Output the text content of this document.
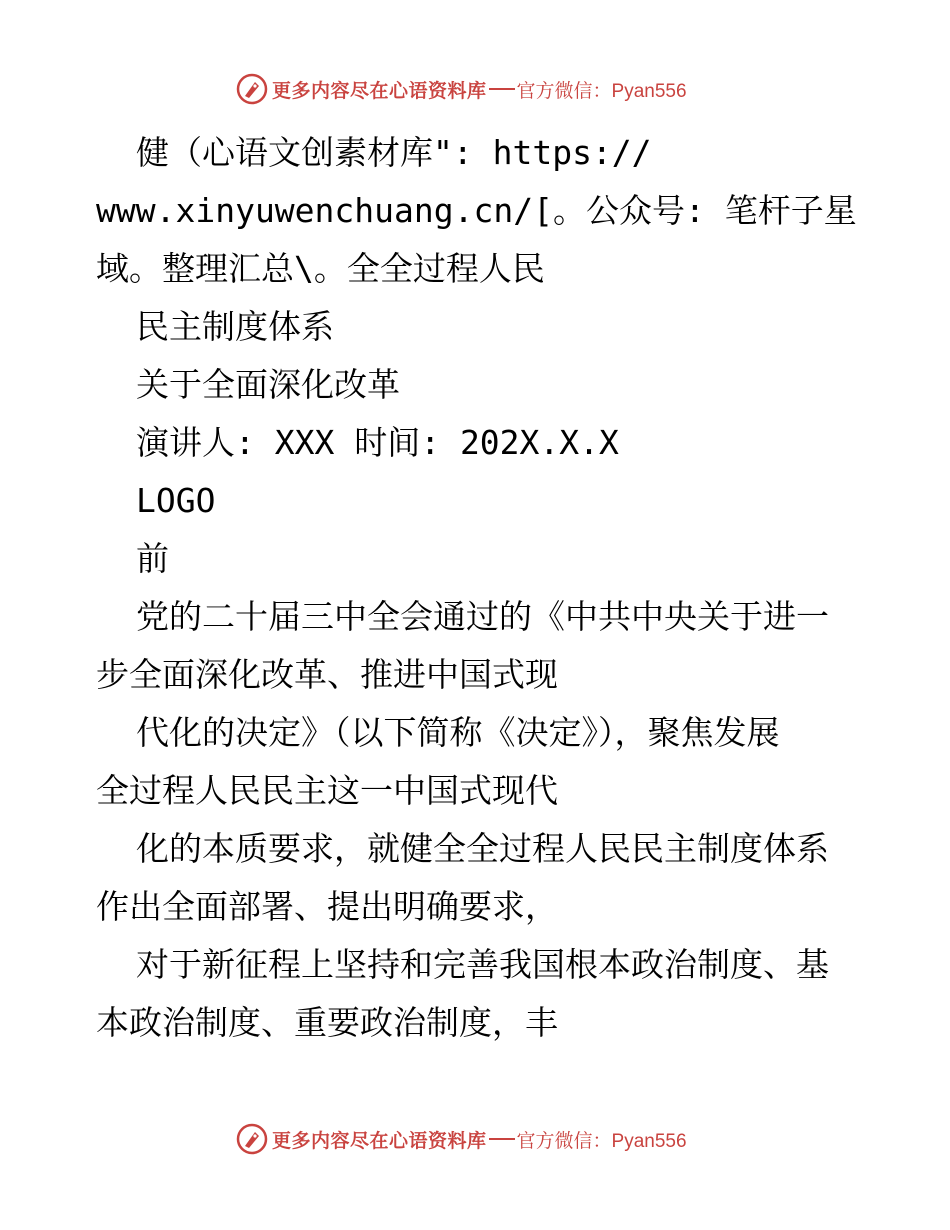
更多内容尽在心语资料库 官方微信：Pyan556
健（心语文创素材库": https://
www.xinyuwenchuang.cn/[。公众号: 笔杆子星
域。整理汇总\。全全过程人民
民主制度体系
关于全面深化改革
演讲人: XXX 时间: 202X.X.X
LOGO
前
党的二十届三中全会通过的《中共中央关于进一
步全面深化改革、推进中国式现
代化的决定》（以下简称《决定》），聚焦发展
全过程人民民主这一中国式现代
化的本质要求，就健全全过程人民民主制度体系
作出全面部署、提出明确要求，
对于新征程上坚持和完善我国根本政治制度、基
本政治制度、重要政治制度，丰
更多内容尽在心语资料库 官方微信：Pyan556
